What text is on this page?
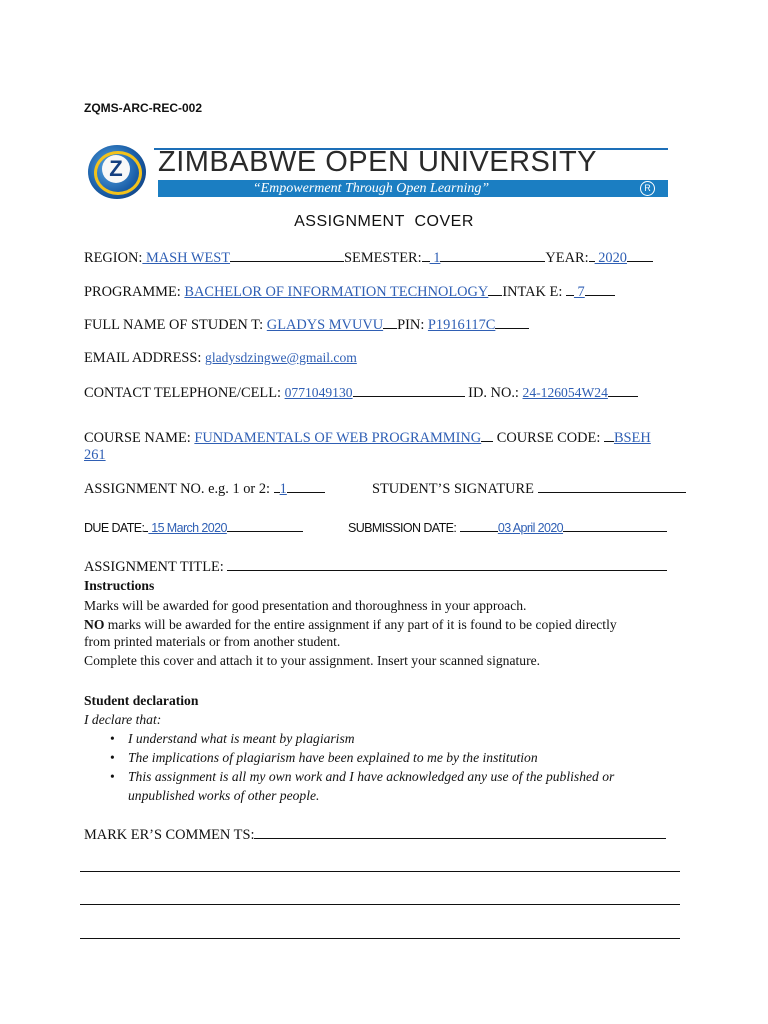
ZQMS-ARC-REC-002
Z ZIMBABWE OPEN UNIVERSITY
“Empowerment Through Open Learning”	R
ASSIGNMENT  COVER
REGION: MASH WEST	SEMESTER: 1	YEAR: 2020
PROGRAMME: BACHELOR OF INFORMATION TECHNOLOGY INTAK E:  7
FULL NAME OF STUDEN T: GLADYS MVUVU PIN: P1916117C
EMAIL ADDRESS: gladysdzingwe@gmail.com
CONTACT TELEPHONE/CELL: 0771049130	ID. NO.: 24-126054W24
COURSE NAME: FUNDAMENTALS OF WEB PROGRAMMING COURSE CODE: BSEH
261
ASSIGNMENT NO. e.g. 1 or 2: 1	STUDENT’S SIGNATURE
DUE DATE: 15 March 2020	SUBMISSION DATE:	03 April 2020
ASSIGNMENT TITLE:
Instructions
Marks will be awarded for good presentation and thoroughness in your approach.
NO marks will be awarded for the entire assignment if any part of it is found to be copied directly
from printed materials or from another student.
Complete this cover and attach it to your assignment. Insert your scanned signature.
Student declaration
I declare that:
• I understand what is meant by plagiarism
• The implications of plagiarism have been explained to me by the institution
• This assignment is all my own work and I have acknowledged any use of the published or
unpublished works of other people.
MARK ER’S COMMEN TS:
